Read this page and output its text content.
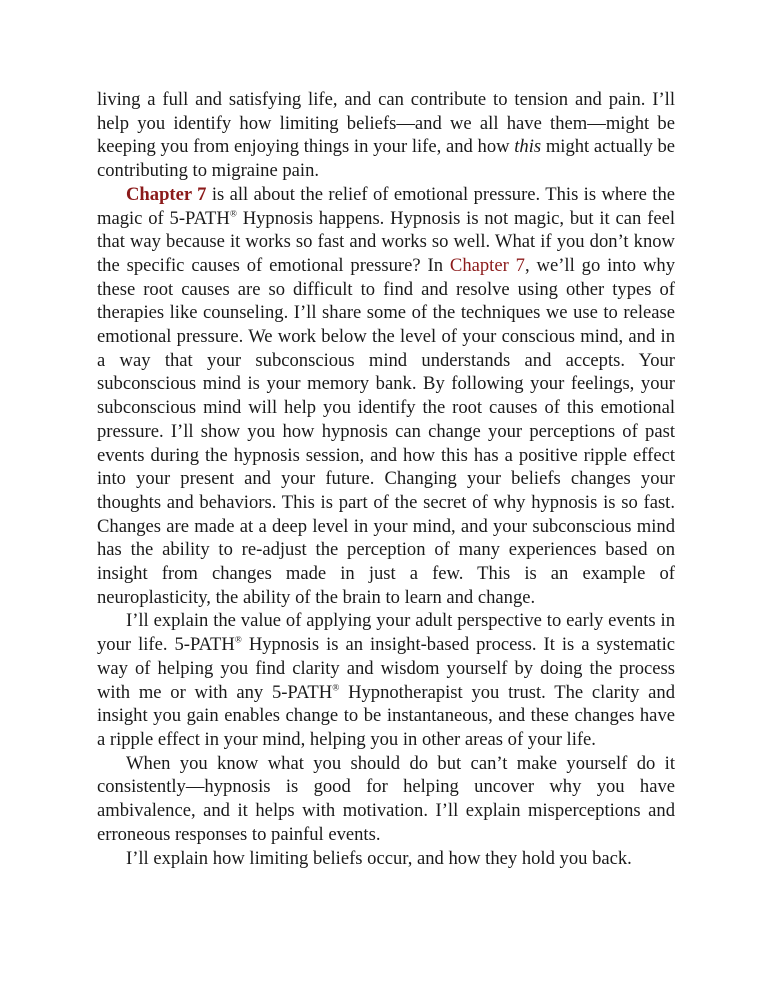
living a full and satisfying life, and can contribute to tension and pain. I’ll help you identify how limiting beliefs—and we all have them—might be keeping you from enjoying things in your life, and how this might actually be contributing to migraine pain.

Chapter 7 is all about the relief of emotional pressure. This is where the magic of 5-PATH® Hypnosis happens. Hypnosis is not magic, but it can feel that way because it works so fast and works so well. What if you don’t know the specific causes of emotional pressure? In Chapter 7, we’ll go into why these root causes are so difficult to find and resolve using other types of therapies like counseling. I’ll share some of the techniques we use to release emotional pressure. We work below the level of your conscious mind, and in a way that your subconscious mind understands and accepts. Your subconscious mind is your memory bank. By following your feelings, your subconscious mind will help you identify the root causes of this emotional pressure. I’ll show you how hypnosis can change your perceptions of past events during the hypnosis session, and how this has a positive ripple effect into your present and your future. Changing your beliefs changes your thoughts and behaviors. This is part of the secret of why hypnosis is so fast. Changes are made at a deep level in your mind, and your subconscious mind has the ability to re-adjust the perception of many experiences based on insight from changes made in just a few. This is an example of neuroplasticity, the ability of the brain to learn and change.

I’ll explain the value of applying your adult perspective to early events in your life. 5-PATH® Hypnosis is an insight-based process. It is a systematic way of helping you find clarity and wisdom yourself by doing the process with me or with any 5-PATH® Hypnotherapist you trust. The clarity and insight you gain enables change to be instantaneous, and these changes have a ripple effect in your mind, helping you in other areas of your life.

When you know what you should do but can’t make yourself do it consistently—hypnosis is good for helping uncover why you have ambivalence, and it helps with motivation. I’ll explain misperceptions and erroneous responses to painful events.

I’ll explain how limiting beliefs occur, and how they hold you back.
